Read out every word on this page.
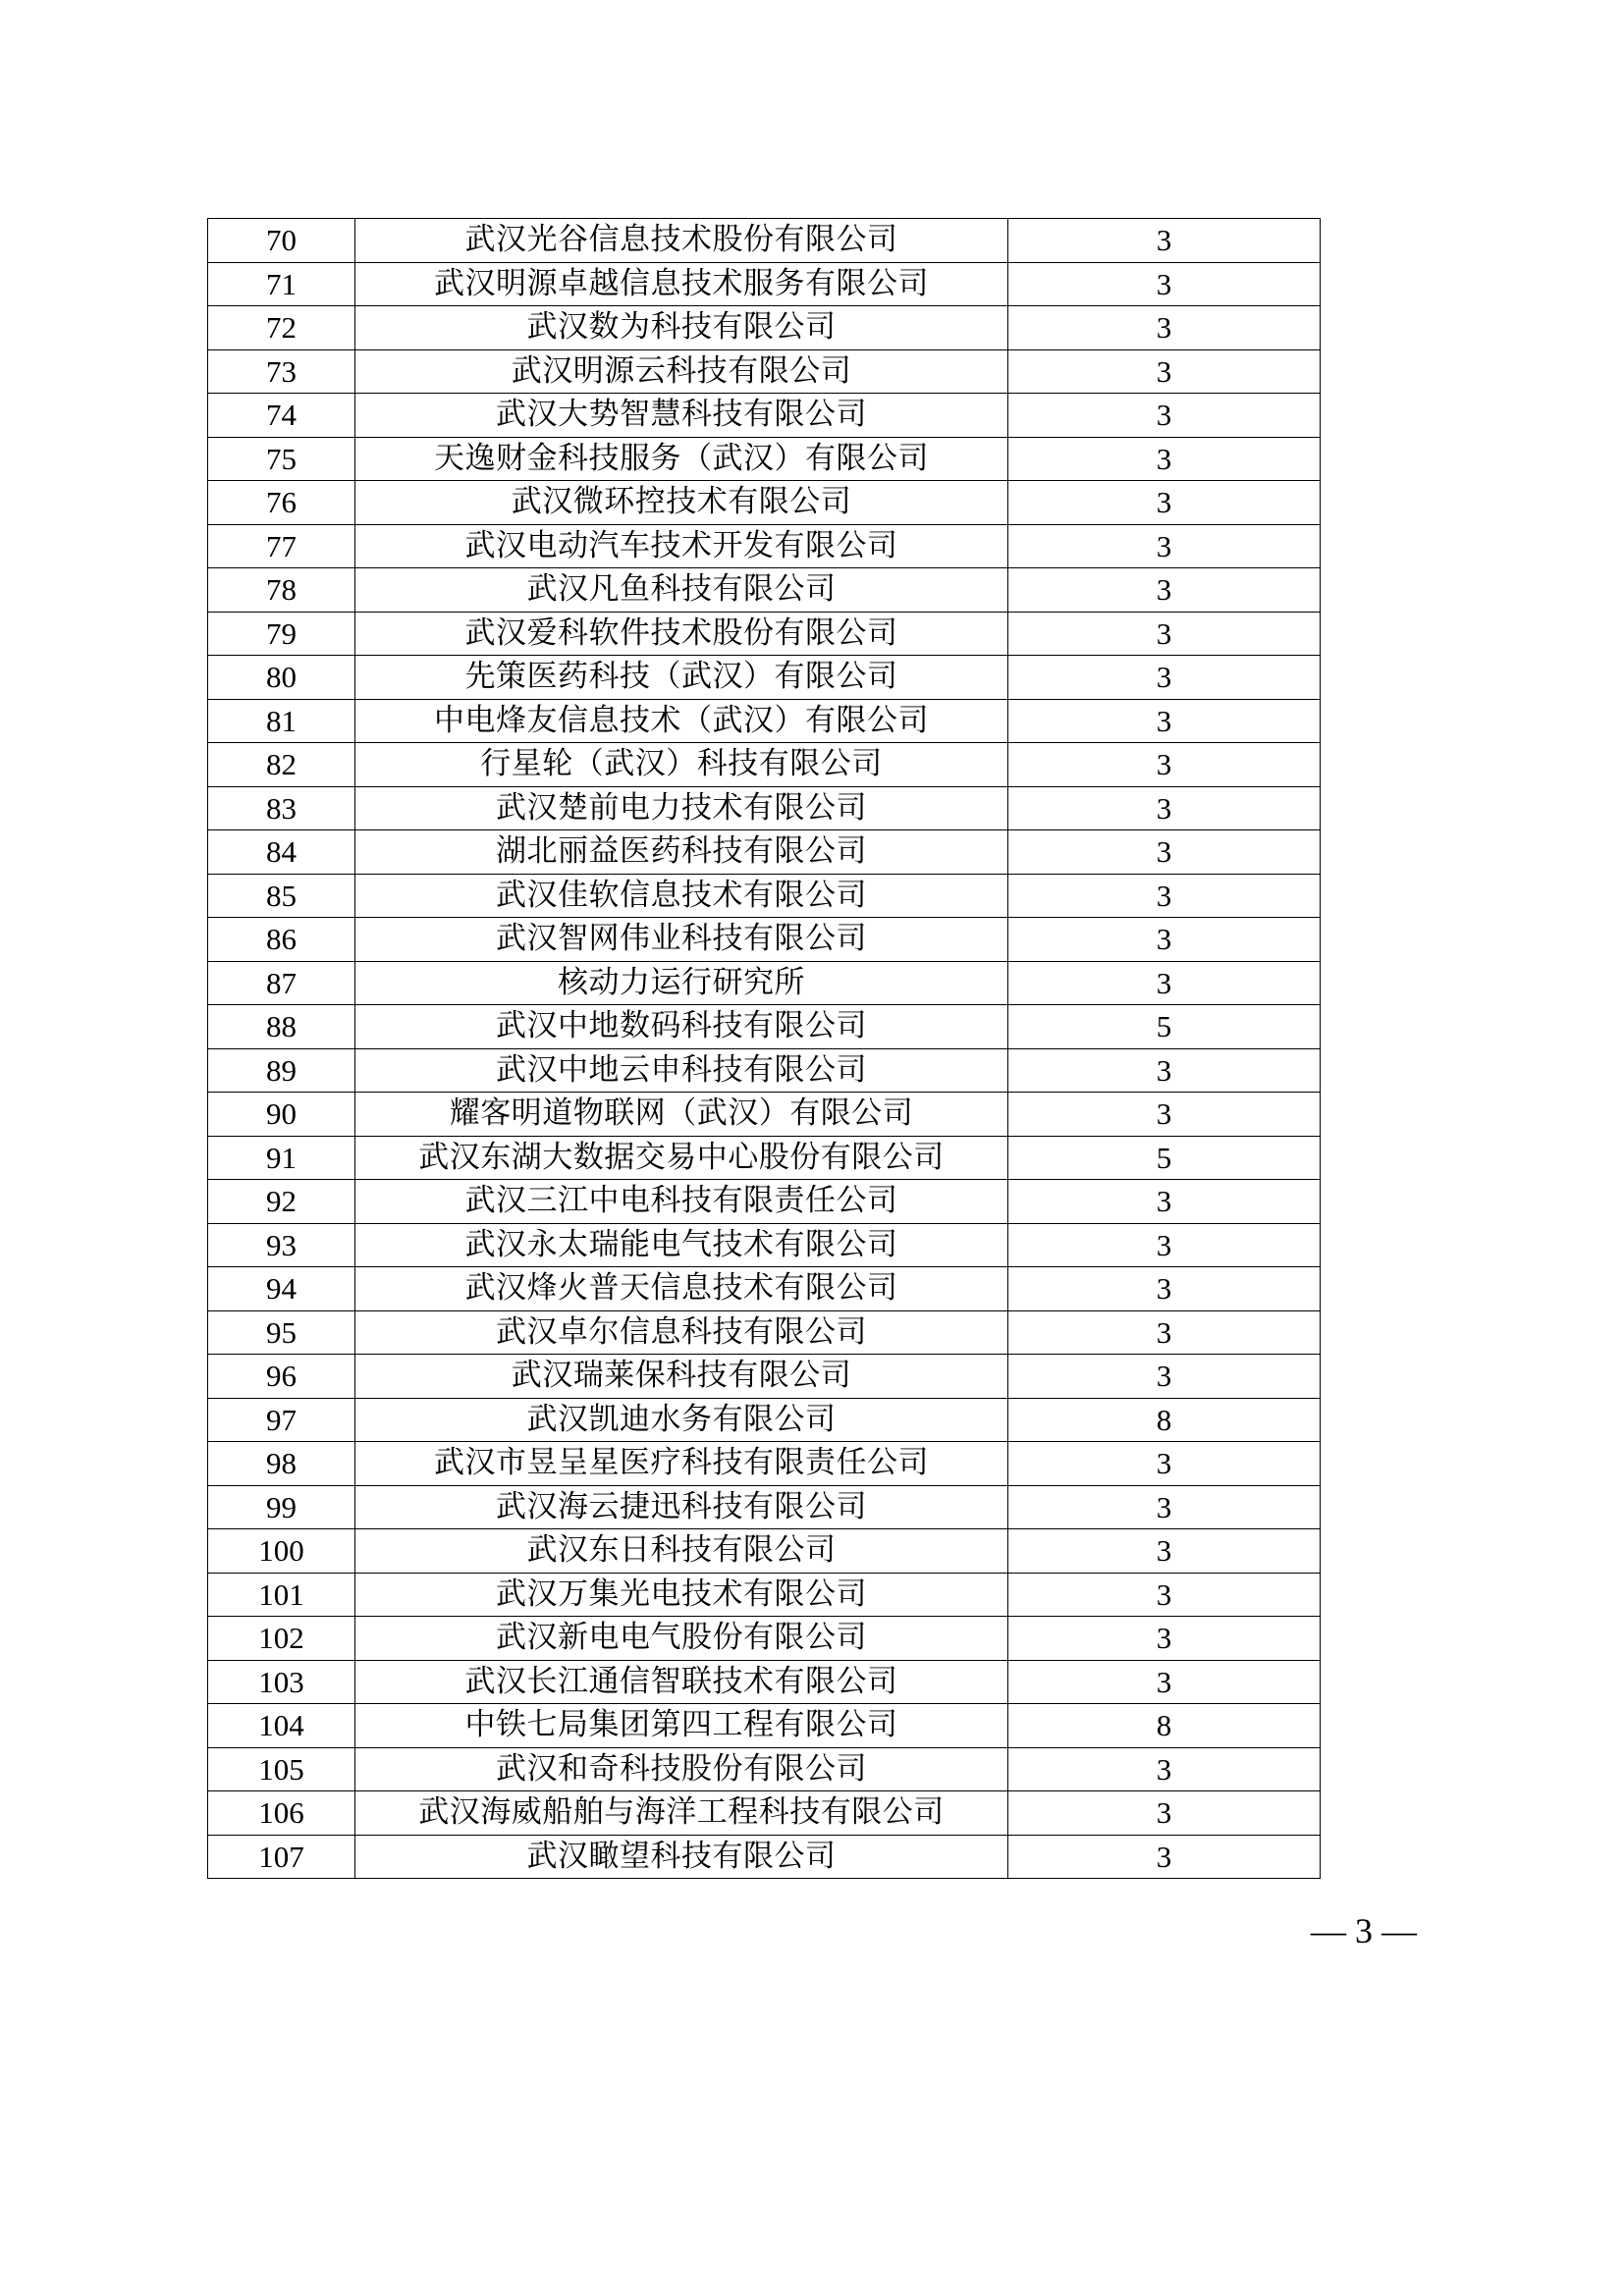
70	武汉光谷信息技术股份有限公司	3
71	武汉明源卓越信息技术服务有限公司	3
72	武汉数为科技有限公司	3
73	武汉明源云科技有限公司	3
74	武汉大势智慧科技有限公司	3
75	天逸财金科技服务（武汉）有限公司	3
76	武汉微环控技术有限公司	3
77	武汉电动汽车技术开发有限公司	3
78	武汉凡鱼科技有限公司	3
79	武汉爱科软件技术股份有限公司	3
80	先策医药科技（武汉）有限公司	3
81	中电烽友信息技术（武汉）有限公司	3
82	行星轮（武汉）科技有限公司	3
83	武汉楚前电力技术有限公司	3
84	湖北丽益医药科技有限公司	3
85	武汉佳软信息技术有限公司	3
86	武汉智网伟业科技有限公司	3
87	核动力运行研究所	3
88	武汉中地数码科技有限公司	5
89	武汉中地云申科技有限公司	3
90	耀客明道物联网（武汉）有限公司	3
91	武汉东湖大数据交易中心股份有限公司	5
92	武汉三江中电科技有限责任公司	3
93	武汉永太瑞能电气技术有限公司	3
94	武汉烽火普天信息技术有限公司	3
95	武汉卓尔信息科技有限公司	3
96	武汉瑞莱保科技有限公司	3
97	武汉凯迪水务有限公司	8
98	武汉市昱呈星医疗科技有限责任公司	3
99	武汉海云捷迅科技有限公司	3
100	武汉东日科技有限公司	3
101	武汉万集光电技术有限公司	3
102	武汉新电电气股份有限公司	3
103	武汉长江通信智联技术有限公司	3
104	中铁七局集团第四工程有限公司	8
105	武汉和奇科技股份有限公司	3
106	武汉海威船舶与海洋工程科技有限公司	3
107	武汉瞰望科技有限公司	3
— 3 —
